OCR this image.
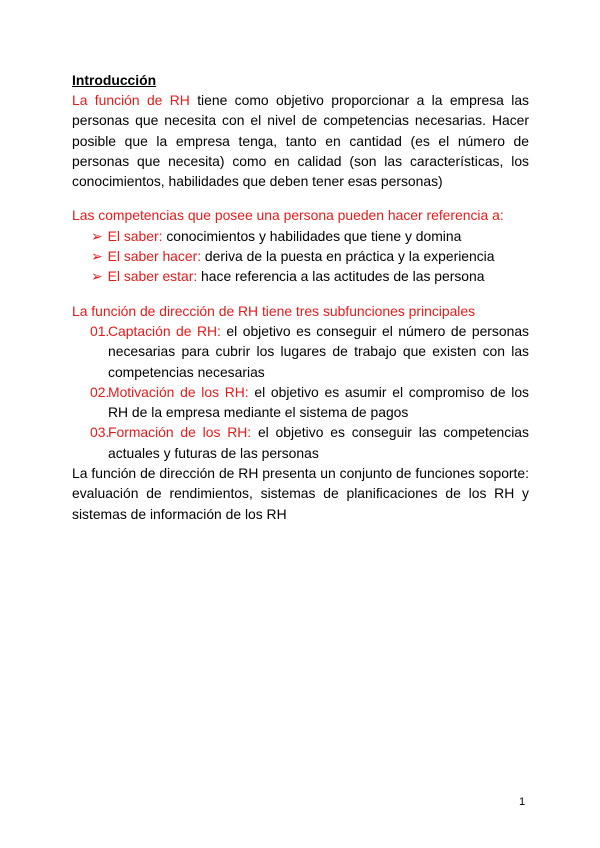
Introducción

La función de RH tiene como objetivo proporcionar a la empresa las personas que necesita con el nivel de competencias necesarias. Hacer posible que la empresa tenga, tanto en cantidad (es el número de personas que necesita) como en calidad (son las características, los conocimientos, habilidades que deben tener esas personas)

Las competencias que posee una persona pueden hacer referencia a:

➢ El saber: conocimientos y habilidades que tiene y domina
➢ El saber hacer: deriva de la puesta en práctica y la experiencia
➢ El saber estar: hace referencia a las actitudes de las persona

La función de dirección de RH tiene tres subfunciones principales

01.
Captación de RH: el objetivo es conseguir el número de personas necesarias para cubrir los lugares de trabajo que existen con las competencias necesarias
02.
Motivación de los RH: el objetivo es asumir el compromiso de los RH de la empresa mediante el sistema de pagos
03.
Formación de los RH: el objetivo es conseguir las competencias actuales y futuras de las personas

La función de dirección de RH presenta un conjunto de funciones soporte: evaluación de rendimientos, sistemas de planificaciones de los RH y sistemas de información de los RH

1
